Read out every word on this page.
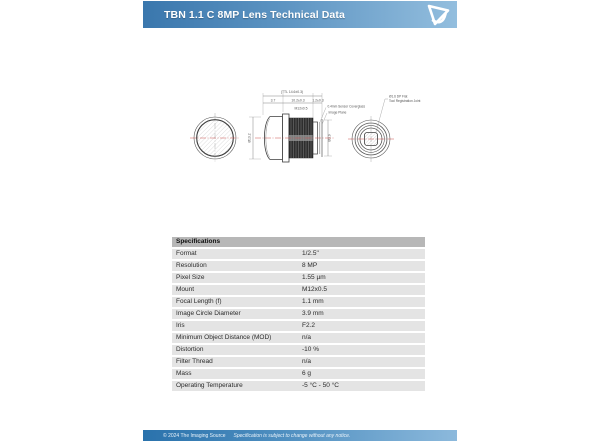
TBN 1.1 C 8MP Lens Technical Data
(TTL 14.6±0.3)
3.7	10.2±0.3 1.2±0.3
M12x0.5
Ø13.2	Ø3.9
0.4mm Sensor Coverglass
Image Plane
Ø1.6 DP Flat
Tool Registration Joint
Specifications
Format	1/2.5"
Resolution	8 MP
Pixel Size	1.55 µm
Mount	M12x0.5
Focal Length (f)	1.1 mm
Image Circle Diameter	3.9 mm
Iris	F2.2
Minimum Object Distance (MOD)	n/a
Distortion	-10 %
Filter Thread	n/a
Mass	6 g
Operating Temperature	-5 °C - 50 °C
© 2024 The Imaging Source	Specification is subject to change without any notice.
